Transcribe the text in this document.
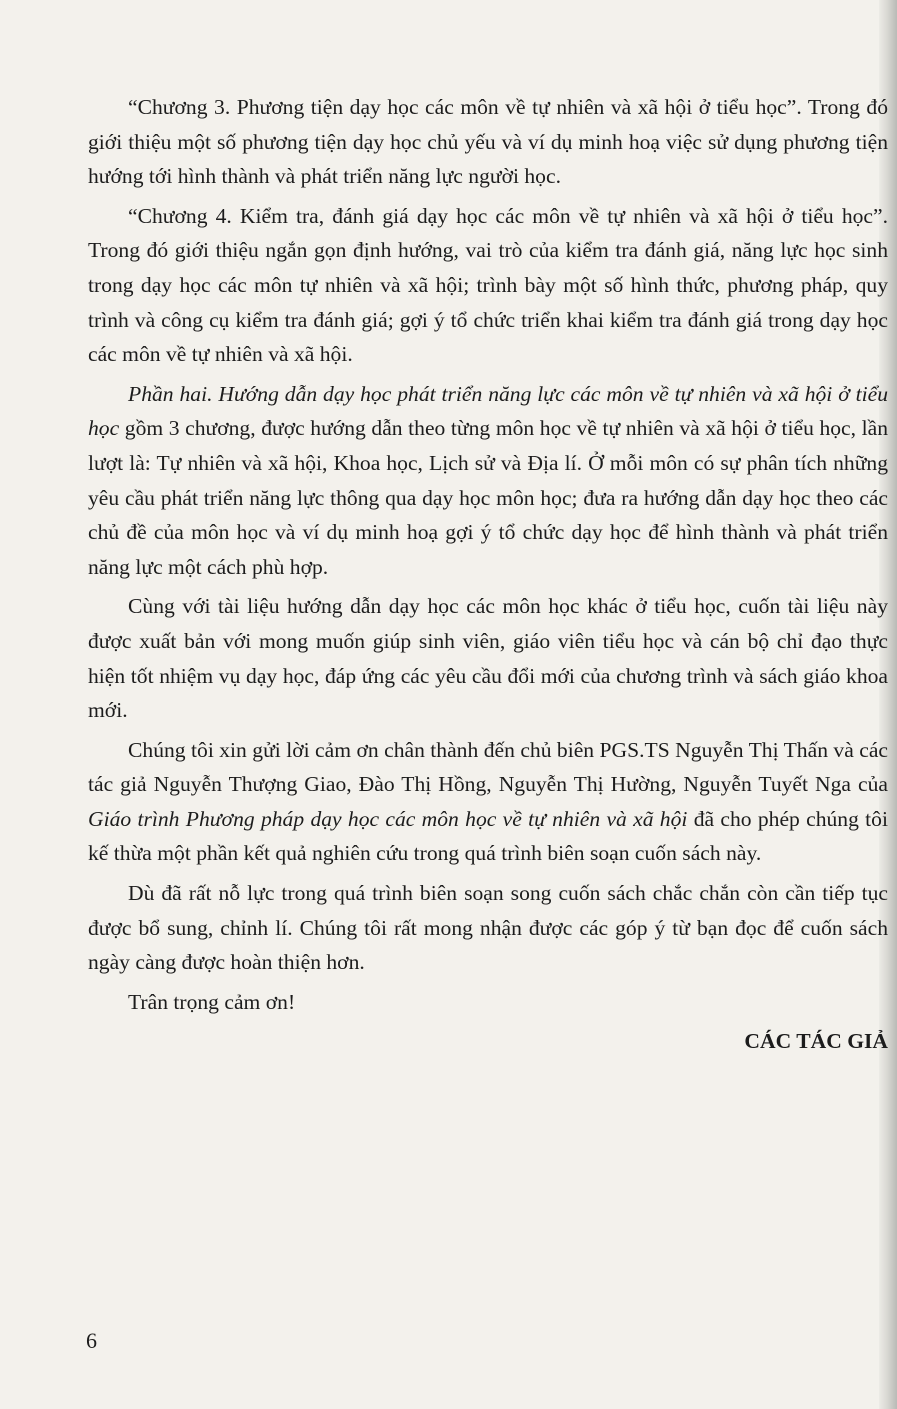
“Chương 3. Phương tiện dạy học các môn về tự nhiên và xã hội ở tiểu học”. Trong đó giới thiệu một số phương tiện dạy học chủ yếu và ví dụ minh hoạ việc sử dụng phương tiện hướng tới hình thành và phát triển năng lực người học.

“Chương 4. Kiểm tra, đánh giá dạy học các môn về tự nhiên và xã hội ở tiểu học”. Trong đó giới thiệu ngắn gọn định hướng, vai trò của kiểm tra đánh giá, năng lực học sinh trong dạy học các môn tự nhiên và xã hội; trình bày một số hình thức, phương pháp, quy trình và công cụ kiểm tra đánh giá; gợi ý tổ chức triển khai kiểm tra đánh giá trong dạy học các môn về tự nhiên và xã hội.

Phần hai. Hướng dẫn dạy học phát triển năng lực các môn về tự nhiên và xã hội ở tiểu học gồm 3 chương, được hướng dẫn theo từng môn học về tự nhiên và xã hội ở tiểu học, lần lượt là: Tự nhiên và xã hội, Khoa học, Lịch sử và Địa lí. Ở mỗi môn có sự phân tích những yêu cầu phát triển năng lực thông qua dạy học môn học; đưa ra hướng dẫn dạy học theo các chủ đề của môn học và ví dụ minh hoạ gợi ý tổ chức dạy học để hình thành và phát triển năng lực một cách phù hợp.

Cùng với tài liệu hướng dẫn dạy học các môn học khác ở tiểu học, cuốn tài liệu này được xuất bản với mong muốn giúp sinh viên, giáo viên tiểu học và cán bộ chỉ đạo thực hiện tốt nhiệm vụ dạy học, đáp ứng các yêu cầu đổi mới của chương trình và sách giáo khoa mới.

Chúng tôi xin gửi lời cảm ơn chân thành đến chủ biên PGS.TS Nguyễn Thị Thấn và các tác giả Nguyễn Thượng Giao, Đào Thị Hồng, Nguyễn Thị Hường, Nguyễn Tuyết Nga của Giáo trình Phương pháp dạy học các môn học về tự nhiên và xã hội đã cho phép chúng tôi kế thừa một phần kết quả nghiên cứu trong quá trình biên soạn cuốn sách này.

Dù đã rất nỗ lực trong quá trình biên soạn song cuốn sách chắc chắn còn cần tiếp tục được bổ sung, chỉnh lí. Chúng tôi rất mong nhận được các góp ý từ bạn đọc để cuốn sách ngày càng được hoàn thiện hơn.

Trân trọng cảm ơn!

CÁC TÁC GIẢ

6
